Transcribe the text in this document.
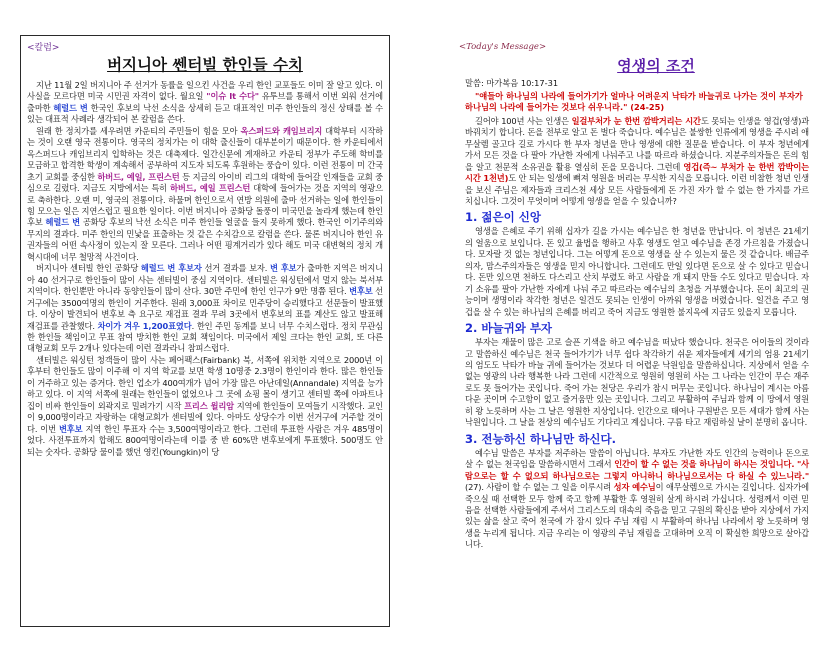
<칼럼>
버지니아 쎈터빌 한인들 수치

지난 11월 2일 버지니아 주 선거가 동률을 일으킨 사건을 우리 한인 교포들도 이미 잘 알고 있다. 이 사실을 모르다면 미국 시민권 자격이 없다. 월요일 "이슈 It 수다" 유투브를 통해서 이번 외워 선거에 출마한 헤럴드 변 한국인 후보의 낙선 소식을 상세히 듣고 대표적인 미주 한인들의 정신 상태를 볼 수 있는 대표적 사례라 생각되어 본 칼럼을 쓴다.

원래 한 정치가를 세우려면 카운티의 주민들이 힘을 모아 옥스퍼드와 캐임브리지 대학부터 시작하는 것이 오랜 영국 전통이다. 영국의 정치가는 이 대학 출신들이 대부분이기 때문이다. 한 카운티에서 옥스퍼드나 캐임브리지 입학하는 것은 대축제다. 일간신문에 게재하고 카운티 정부가 주도해 학비를 모금하고 합격한 학생이 계속해서 공부하여 지도자 되도록 후원하는 풍습이 있다. 이런 전통이 미 간국 초기 교회를 중심한 하버드, 예일, 프린스턴 등 지금의 아이비 리그의 대학에 들어갈 인재들을 교회 중심으로 길렀다. 지금도 지방에서는 특히 하버드, 예일 프린스턴 대학에 들어가는 것을 지역의 영광으로 축하한다. 오랜 미, 영국의 전통이다. 하물며 한인으로서 연방 의원에 출마 선거하는 일에 한인들이 힘 모으는 일은 지연스럽고 필요한 일이다. 이번 버지니아 공화당 돌풍이 미국민을 놀라게 했는데 한인 후보 헤럴드 변 공화당 후보의 낙선 소식은 미주 한인들 얼굴을 들지 못하게 했다. 한국인 이기주의와 무지의 결과다. 미주 한인의 민낯을 표출하는 것 같은 수치감으로 칼럼을 쓴다. 물론 버지니아 한인 유권자들의 어떤 속사정이 있는지 잘 모른다. 그러나 어떤 핑계거리가 있다 해도 미국 대변혁의 정치 개혁시대에 너무 철망적 사건이다.

버지니아 센터빌 한인 공화당 헤럴드 변 후보자 선거 결과를 보자. 변 후보가 출마한 지역은 버지니아 40 선거구로 한인들이 많이 사는 센터빌이 중심 지역이다. 센터빌은 워싱턴에서 멀지 않는 북서부 지역이다. 한인뿐만 아니라 동양인들이 많이 산다. 30만 주민에 한인 인구가 9만 명쯤 된다. 변후보 선거구에는 3500여명의 한인이 거주한다. 원래 3,000표 차이로 민주당이 승리했다고 선문들이 발표했다. 이상이 발견되어 변후보 측 요구로 재검표 결과 무려 3곳에서 변후보의 표를 계산도 않고 발표해 재검표를 관찰했다. 차이가 겨우 1,200표였다. 한인 주민 동계를 보니 너무 수치스럽다. 정치 무관심한 한인들 책임이고 무표 참여 방치한 한인 교회 책임이다. 미국에서 제일 크다는 한인 교회, 또 다른 대형교회 모두 2개나 있다는데 이런 결과라니 참피스럽다.

센터빌은 워싱턴 청객들이 많이 사는 페어팩스(Fairbank) 북, 서쪽에 위치한 지역으로 2000년 이후부터 한인들도 많이 이주해 이 지역 학교를 보면 학생 10명중 2.3명이 한인이라 한다. 많은 한인들이 거주하고 있는 증거다. 한인 업소가 400여개가 넘어 가장 많은 아난데일(Annandale) 지역을 능가하고 있다. 이 지역 서쪽에 원래는 한인들이 없었으나 그 곳에 쇼핑 몰이 생기고 센터빌 쪽에 아파트나 집이 비싸 한인들이 외곽지로 밀려가기 시작 프리스 윌리암 지역에 한인들이 모여들기 시작했다. 교인이 9,000명이라고 자랑하는 대형교회가 센터빌에 있다. 아마도 상당수가 이번 선거구에 거주할 것이다. 이번 변후보 지역 한인 투표자 수는 3,500여명이라고 한다. 그런데 투표한 사람은 겨우 485명이었다. 사전투표까지 합해도 800여명이라는데 이를 중 반 60%만 변후보에게 투표했다. 500명도 안 되는 숫자다. 공화당 물이를 했던 영킨(Youngkin)이 당

<Today's Message>
영생의 조건

말씀: 마가복음 10:17-31

"얘들아 하나님의 나라에 들어가기가 얼마나 어려운지 낙타가 바늘귀로 나가는 것이 부자가 하나님의 나라에 들어가는 것보다 쉬우니라." (24-25)

길어야 100년 사는 인생은 일걸부처가 눈 한번 깜박거리는 시간도 못되는 인생을 영겁(영생)과 바꿔치기 합니다. 돈을 전부로 알고 돈 벌다 죽습니다. 예수님은 불쌍한 인류에게 영생을 주시려 애무살렘 골고다 길로 가시다 한 부자 청년을 만나 영생에 대한 질문을 받습니다. 이 부자 청년에게 가서 모든 것을 다 팔아 가난한 자에게 나눠주고 나를 따르라 하셨습니다. 지분주의자들은 돈의 힘을 알고 천문적 소유권을 활용 열심히 돈을 모읍니다. 그런데 영겁(즉~ 부처가 눈 한번 깜박이는 시간 1천년)도 안 되는 일생에 뼈져 영원을 버리는 무식한 지식을 모릅니다. 이런 비참한 청년 인생을 보신 주님은 제자들과 크리스천 세상 모든 사람들에게 돈 가진 자가 할 수 없는 한 가지를 가르치십니다. 그것이 무엇이며 어떻게 영생을 얻을 수 있습니까?

1. 젊은이 신앙

영생을 은혜로 주기 위해 십자가 길을 가시는 예수님은 한 청년을 만납니다. 이 청년은 21세기의 얼움으로 보입니다. 돈 있고 율법을 행하고 사후 영생도 얻고 예수님을 존경 가르침을 가졌습니다. 모자랄 것 없는 청년입니다. 그는 어떻게 돈으로 영생을 살 수 있는지 물은 것 같습니다. 배금주의자, 맘스주의자들은 영생을 믿지 아니합니다. 그런데도 만일 있다면 돈으로 살 수 있다고 믿습니다. 돈만 있으면 천하도 다스리고 산치 부렸도 하고 사람을 개 돼지 만들 수도 있다고 믿습니다. 자기 소유를 팔아 가난한 자에게 나눠 주고 따르라는 예수님의 초청을 거부했습니다. 돈이 최고의 권능이며 생명이라 착각한 청년은 일건도 못되는 인생이 아까워 영생을 버렸습니다. 일건을 주고 영겁을 살 수 있는 하나님의 은혜를 버리고 죽어 지금도 영원한 불지옥에 지금도 있을지 모릅니다.

2. 바늘귀와 부자

부자는 재물이 많은 고로 슬픈 기색을 하고 예수님을 떠났다 했습니다. 천국은 어이들의 것이라고 말씀하신 예수님은 천국 들어가기가 너무 쉽다 착각하기 쉬운 제자들에게 세기의 엄용 21세기의 엄도도 낙타가 바늘 귀에 들어가는 것보다 더 어렵운 낙원임을 말씀하십니다. 지상에서 얻을 수 없는 영광의 나라 행복한 나라 그런데 시간적으로 영원히 영원히 사는 그 나라는 인간이 무슨 재주로도 못 들어가는 곳입니다. 죽어 가는 천당은 우리가 참시 머무는 곳입니다. 하나님이 계시는 아름다운 곳이며 수고함이 없고 즐거움만 있는 곳입니다. 그리고 부활하여 주님과 함께 이 땅에서 영원히 왕 노릇하며 사는 그 날은 영원한 지상입니다. 인간으로 태어나 구원받은 모든 세대가 함께 사는 낙원입니다. 그 날을 천상의 예수님도 기다리고 계십니다. 구름 타고 재림하실 날이 분명히 옵니다.

3. 전능하신 하나님만 하신다.

예수님 말씀은 부자를 저주하는 말씀이 아닙니다. 부자도 가난한 자도 인간의 능력이나 돈으로 살 수 없는 천국임을 말씀하시면서 그래서 인간이 할 수 없는 것을 하나님이 하시는 것입니다. "사람으로는 할 수 없으되 하나님으로는 그렇지 아니하니 하나님으로서는 다 하실 수 있느니라." (27). 사람이 할 수 없는 그 일을 이루시려 성자 예수님이 애무살렘으로 가시는 길입니다. 십자가에 죽으실 때 선택한 모두 함께 죽고 함께 부활한 후 영원히 살게 하시려 가십니다. 성령께서 이런 믿음을 선택한 사람들에게 주셔서 그리스도의 대속의 죽음을 믿고 구원의 확신을 받아 지상에서 가지 있는 삶을 살고 죽어 천국에 가 잠시 있다 주님 재림 시 부활하여 하나님 나라에서 왕 노릇하며 영생을 누리게 됩니다. 지금 우리는 이 영광의 주님 재림을 고대하며 오직 이 확실한 희망으로 살아갑니다.
